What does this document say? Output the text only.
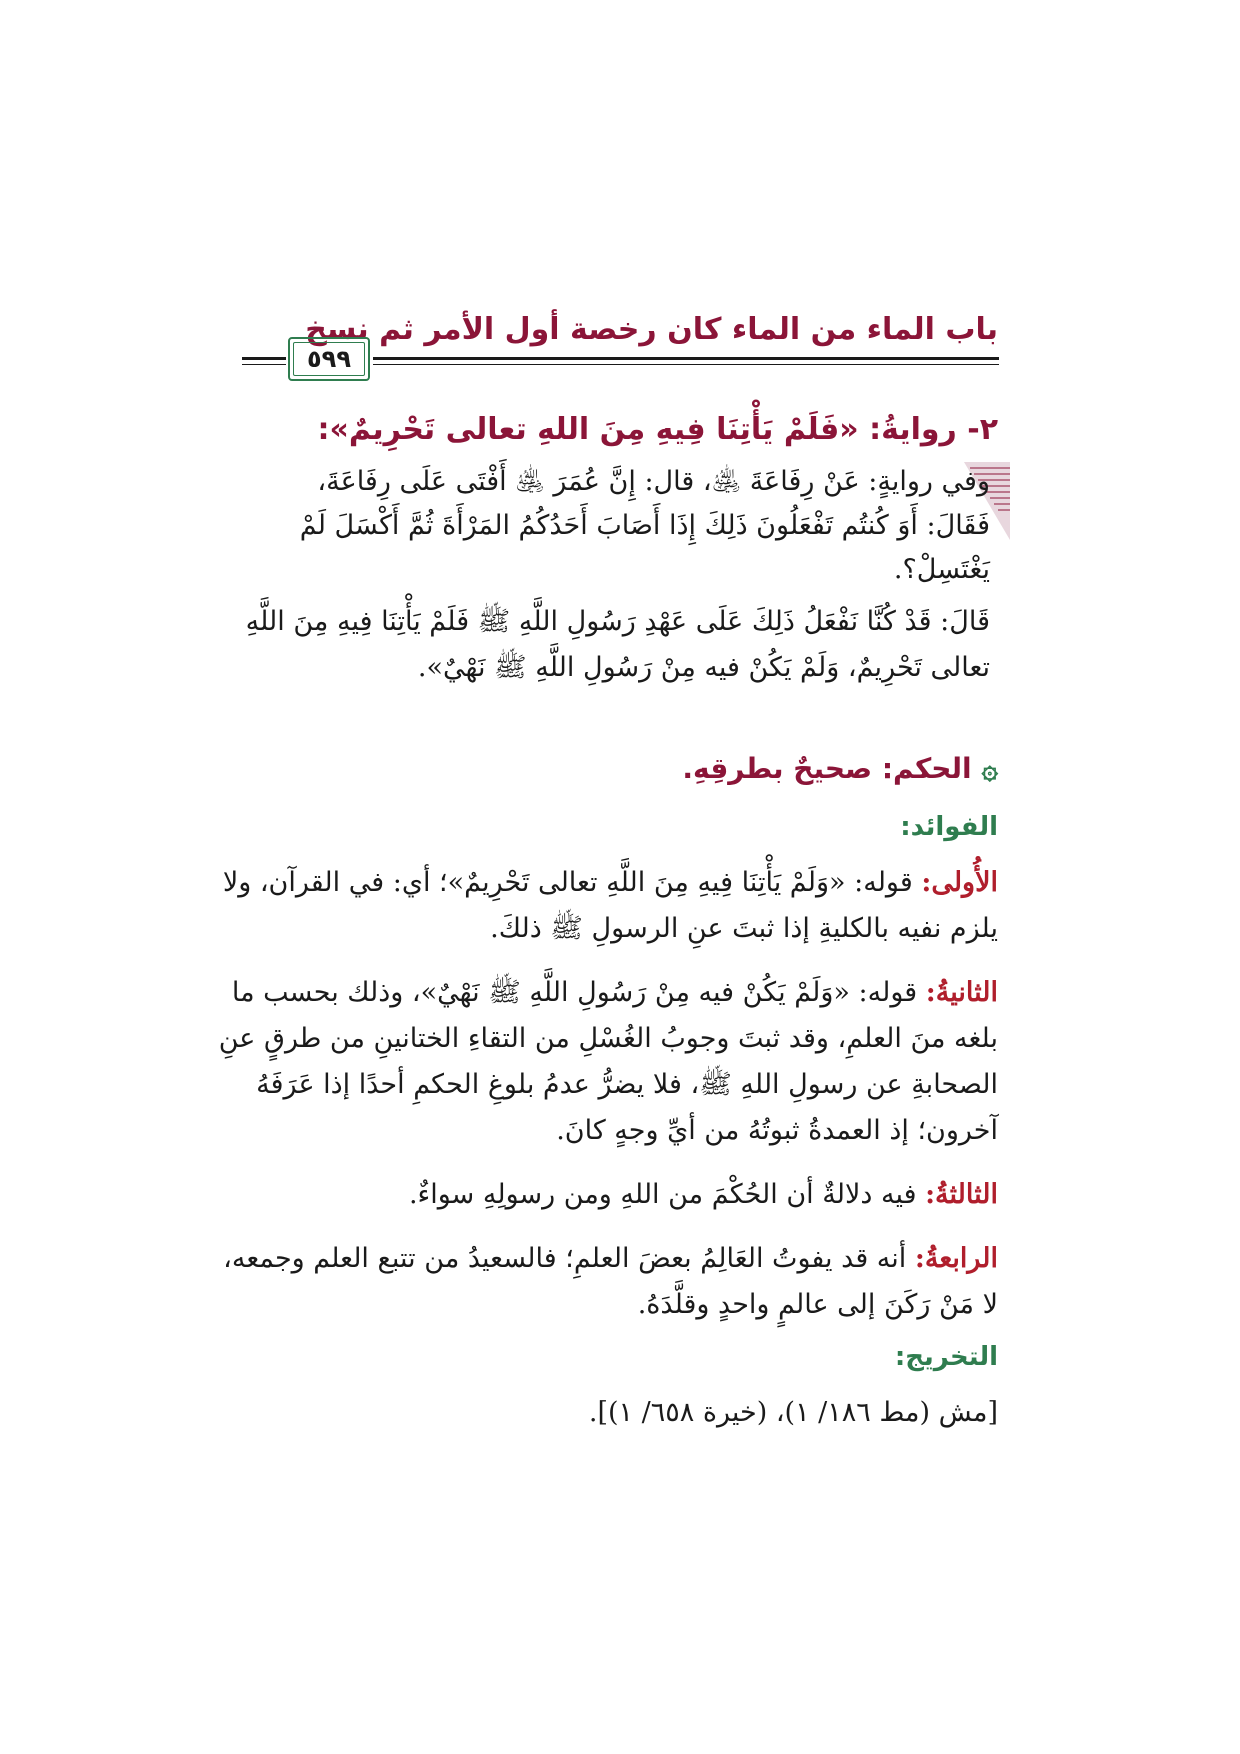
باب الماء من الماء كان رخصة أول الأمر ثم نسخ
٥٩٩
٢- روايةُ: «فَلَمْ يَأْتِنَا فِيهِ مِنَ اللهِ تعالى تَحْرِيمٌ»:
وفي روايةٍ: عَنْ رِفَاعَةَ ﵁، قال: إِنَّ عُمَرَ ﵁ أَفْتَى عَلَى رِفَاعَةَ،
فَقَالَ: أَوَ كُنتُم تَفْعَلُونَ ذَلِكَ إِذَا أَصَابَ أَحَدُكُمُ المَرْأَةَ ثُمَّ أَكْسَلَ لَمْ
يَغْتَسِلْ؟.
قَالَ: قَدْ كُنَّا نَفْعَلُ ذَلِكَ عَلَى عَهْدِ رَسُولِ اللَّهِ ﷺ فَلَمْ يَأْتِنَا فِيهِ مِنَ اللَّهِ
تعالى تَحْرِيمٌ، وَلَمْ يَكُنْ فيه مِنْ رَسُولِ اللَّهِ ﷺ نَهْيٌ».
۞الحكم: صحيحٌ بطرقِهِ.
الفوائد:
الأُولى: قوله: «وَلَمْ يَأْتِنَا فِيهِ مِنَ اللَّهِ تعالى تَحْرِيمٌ»؛ أي: في القرآن، ولا
يلزم نفيه بالكليةِ إذا ثبتَ عنِ الرسولِ ﷺ ذلكَ.
الثانيةُ: قوله: «وَلَمْ يَكُنْ فيه مِنْ رَسُولِ اللَّهِ ﷺ نَهْيٌ»، وذلك بحسب ما
بلغه منَ العلمِ، وقد ثبتَ وجوبُ الغُسْلِ من التقاءِ الختانينِ من طرقٍ عنِ
الصحابةِ عن رسولِ اللهِ ﷺ، فلا يضرُّ عدمُ بلوغِ الحكمِ أحدًا إذا عَرَفَهُ
آخرون؛ إذ العمدةُ ثبوتُهُ من أيِّ وجهٍ كانَ.
الثالثةُ: فيه دلالةٌ أن الحُكْمَ من اللهِ ومن رسولِهِ سواءٌ.
الرابعةُ: أنه قد يفوتُ العَالِمُ بعضَ العلمِ؛ فالسعيدُ من تتبع العلم وجمعه،
لا مَنْ رَكَنَ إلى عالمٍ واحدٍ وقلَّدَهُ.
التخريج:
[مش (مط ١٨٦/ ١)، (خيرة ٦٥٨/ ١)].
